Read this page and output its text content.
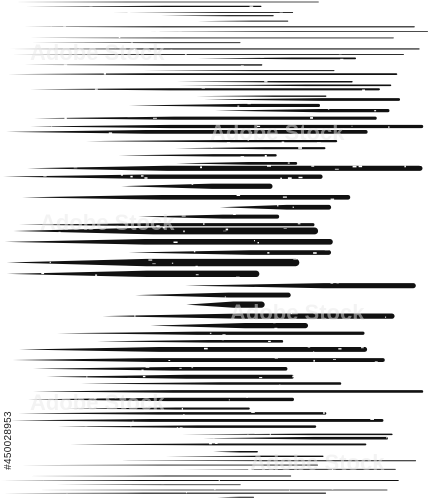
Adobe Stock
Adobe Stock
Adobe Stock
Adobe Stock
Adobe Stock
Adobe Stock
#450028953
